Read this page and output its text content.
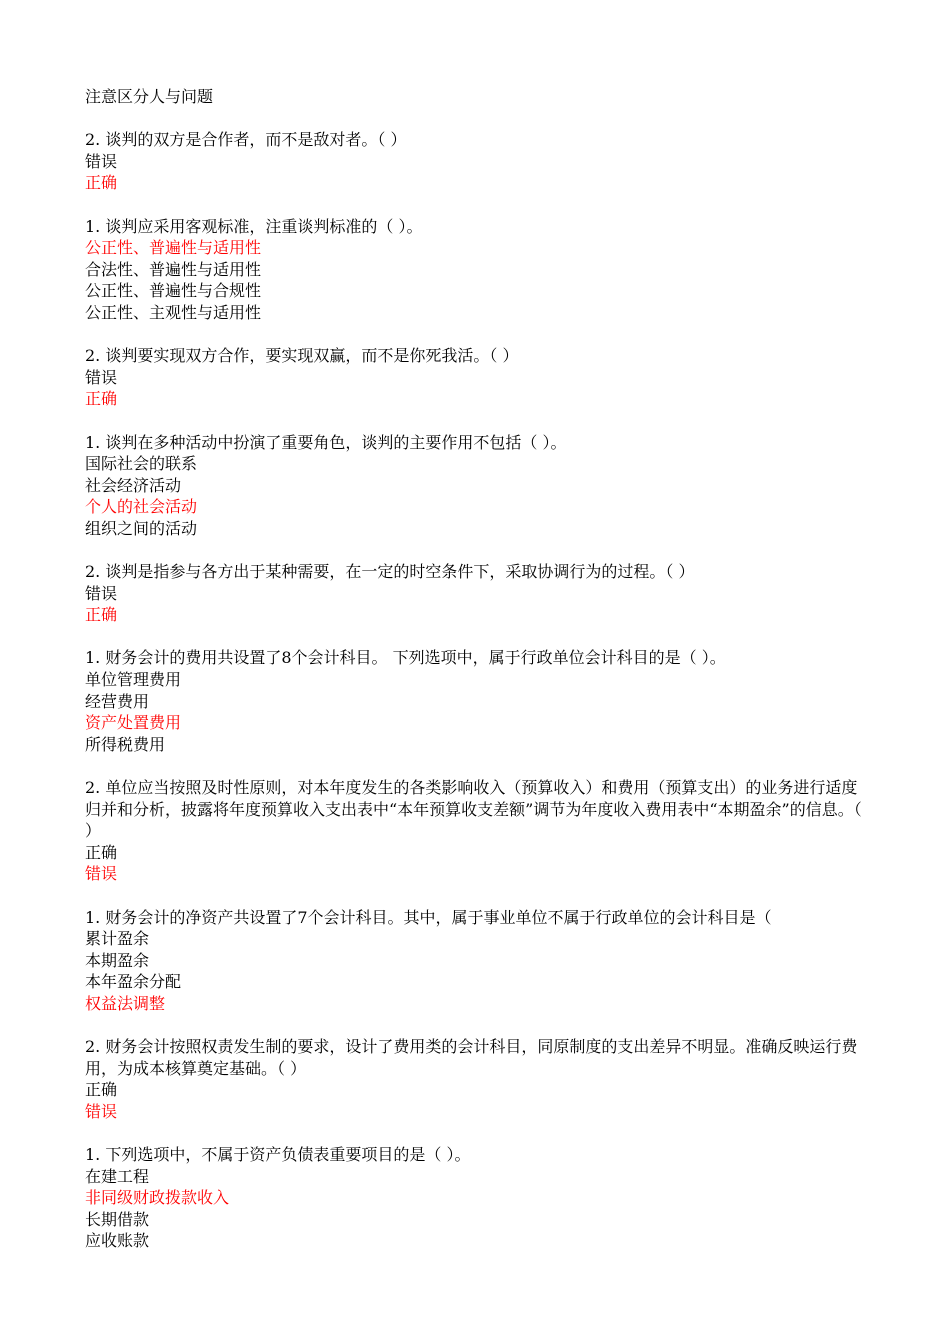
注意区分人与问题
2. 谈判的双方是合作者，而不是敌对者。（ ）
错误
正确
1. 谈判应采用客观标准，注重谈判标准的（ ）。
公正性、普遍性与适用性
合法性、普遍性与适用性
公正性、普遍性与合规性
公正性、主观性与适用性
2. 谈判要实现双方合作，要实现双赢，而不是你死我活。（ ）
错误
正确
1. 谈判在多种活动中扮演了重要角色，谈判的主要作用不包括（ ）。
国际社会的联系
社会经济活动
个人的社会活动
组织之间的活动
2. 谈判是指参与各方出于某种需要，在一定的时空条件下，采取协调行为的过程。（ ）
错误
正确
1. 财务会计的费用共设置了8个会计科目。 下列选项中，属于行政单位会计科目的是（ ）。
单位管理费用
经营费用
资产处置费用
所得税费用
2. 单位应当按照及时性原则，对本年度发生的各类影响收入（预算收入）和费用（预算支出）的业务进行适度归并和分析，披露将年度预算收入支出表中“本年预算收支差额”调节为年度收入费用表中“本期盈余”的信息。（ ）
正确
错误
1. 财务会计的净资产共设置了7个会计科目。其中，属于事业单位不属于行政单位的会计科目是（
累计盈余
本期盈余
本年盈余分配
权益法调整
2. 财务会计按照权责发生制的要求，设计了费用类的会计科目，同原制度的支出差异不明显。准确反映运行费用，为成本核算奠定基础。（ ）
正确
错误
1. 下列选项中，不属于资产负债表重要项目的是（ ）。
在建工程
非同级财政拨款收入
长期借款
应收账款
